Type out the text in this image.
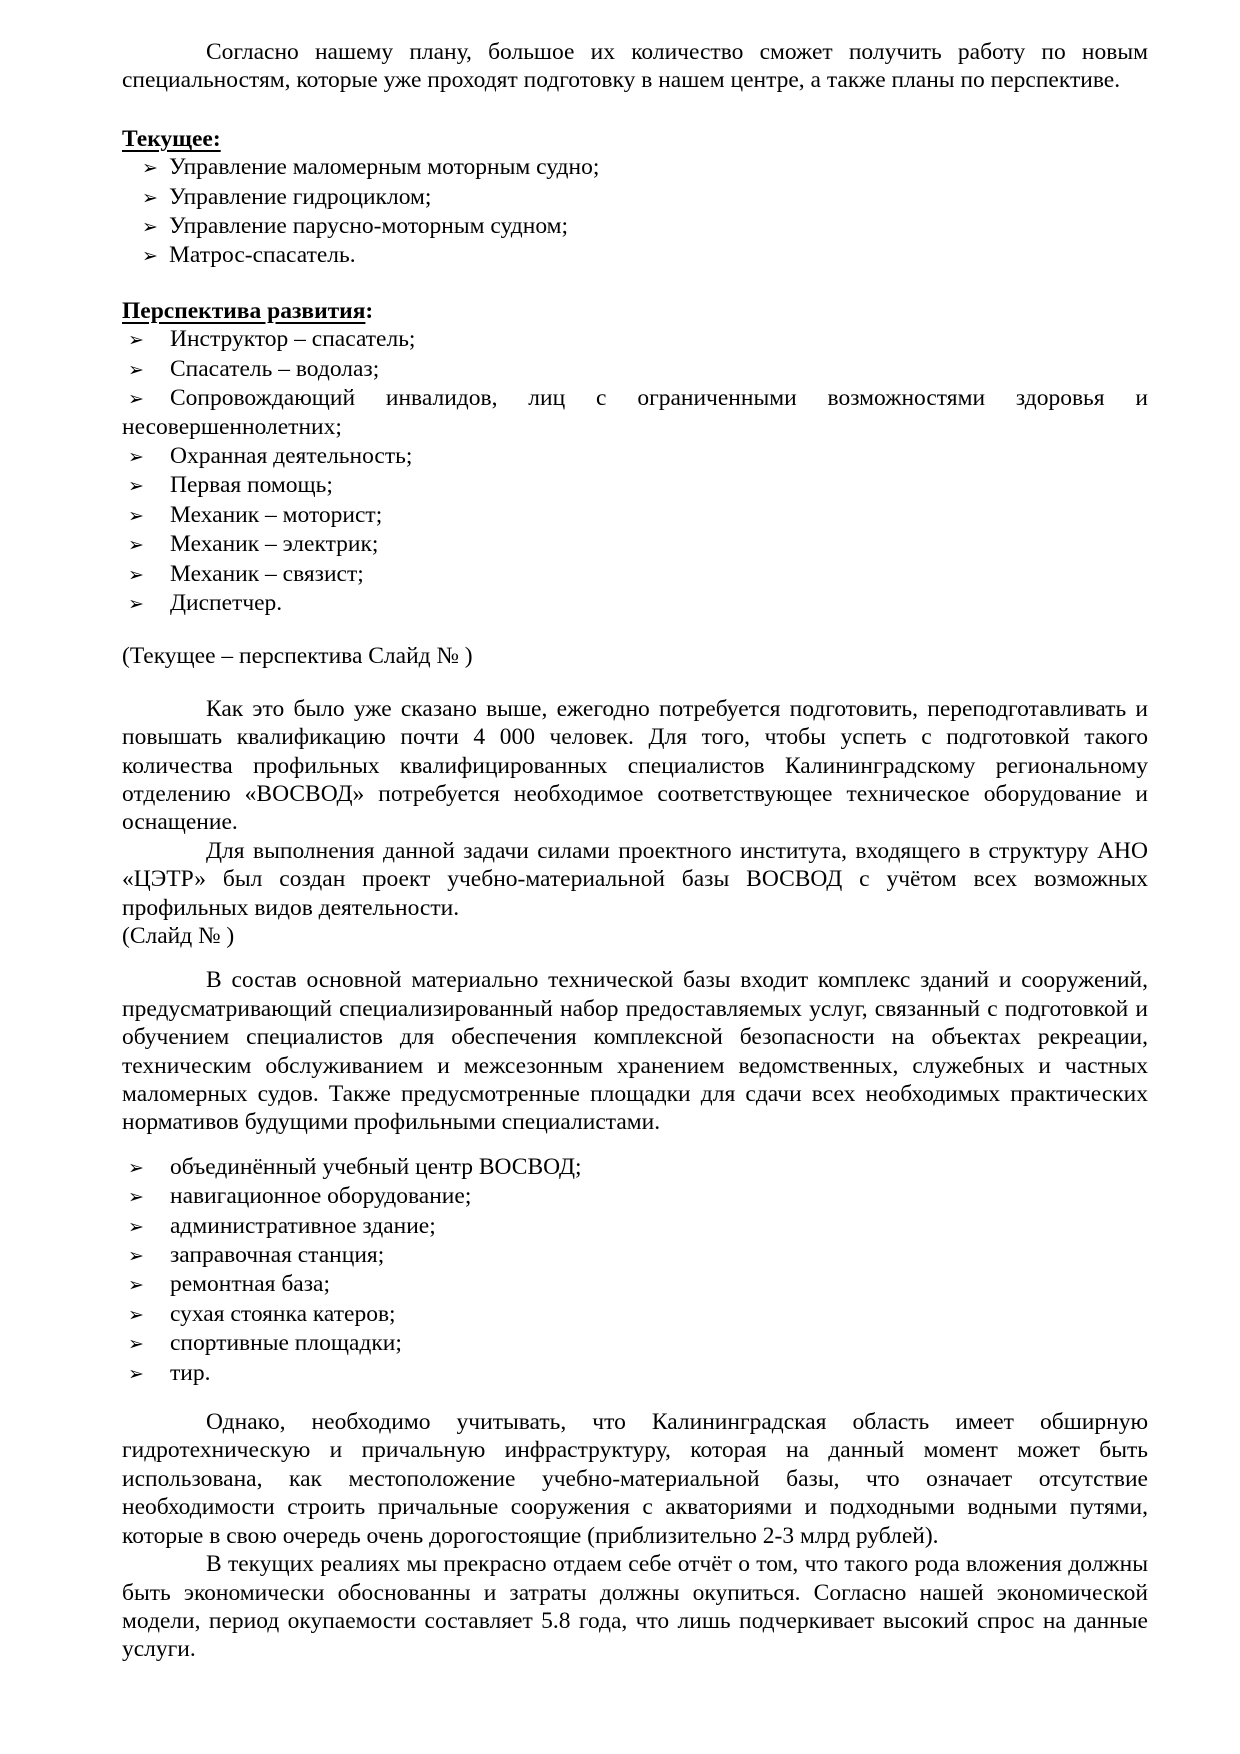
Согласно нашему плану, большое их количество сможет получить работу по новым специальностям, которые уже проходят подготовку в нашем центре, а также планы по перспективе.

Текущее:
➢ Управление маломерным моторным судно;
➢ Управление гидроциклом;
➢ Управление парусно-моторным судном;
➢ Матрос-спасатель.
Перспектива развития:
➢ Инструктор – спасатель;
➢ Спасатель – водолаз;
➢ Сопровождающий инвалидов, лиц с ограниченными возможностями здоровья и несовершеннолетних;
➢ Охранная деятельность;
➢ Первая помощь;
➢ Механик – моторист;
➢ Механик – электрик;
➢ Механик – связист;
➢ Диспетчер.

(Текущее – перспектива Слайд № )

Как это было уже сказано выше, ежегодно потребуется подготовить, переподготавливать и повышать квалификацию почти 4 000 человек. Для того, чтобы успеть с подготовкой такого количества профильных квалифицированных специалистов Калининградскому региональному отделению «ВОСВОД» потребуется необходимое соответствующее техническое оборудование и оснащение.

Для выполнения данной задачи силами проектного института, входящего в структуру АНО «ЦЭТР» был создан проект учебно-материальной базы ВОСВОД с учётом всех возможных профильных видов деятельности.

(Слайд № )

В состав основной материально технической базы входит комплекс зданий и сооружений, предусматривающий специализированный набор предоставляемых услуг, связанный с подготовкой и обучением специалистов для обеспечения комплексной безопасности на объектах рекреации, техническим обслуживанием и межсезонным хранением ведомственных, служебных и частных маломерных судов. Также предусмотренные площадки для сдачи всех необходимых практических нормативов будущими профильными специалистами.

➢ объединённый учебный центр ВОСВОД;
➢ навигационное оборудование;
➢ административное здание;
➢ заправочная станция;
➢ ремонтная база;
➢ сухая стоянка катеров;
➢ спортивные площадки;
➢ тир.

Однако, необходимо учитывать, что Калининградская область имеет обширную гидротехническую и причальную инфраструктуру, которая на данный момент может быть использована, как местоположение учебно-материальной базы, что означает отсутствие необходимости строить причальные сооружения с акваториями и подходными водными путями, которые в свою очередь очень дорогостоящие (приблизительно 2-3 млрд рублей).

В текущих реалиях мы прекрасно отдаем себе отчёт о том, что такого рода вложения должны быть экономически обоснованны и затраты должны окупиться. Согласно нашей экономической модели, период окупаемости составляет 5.8 года, что лишь подчеркивает высокий спрос на данные услуги.
